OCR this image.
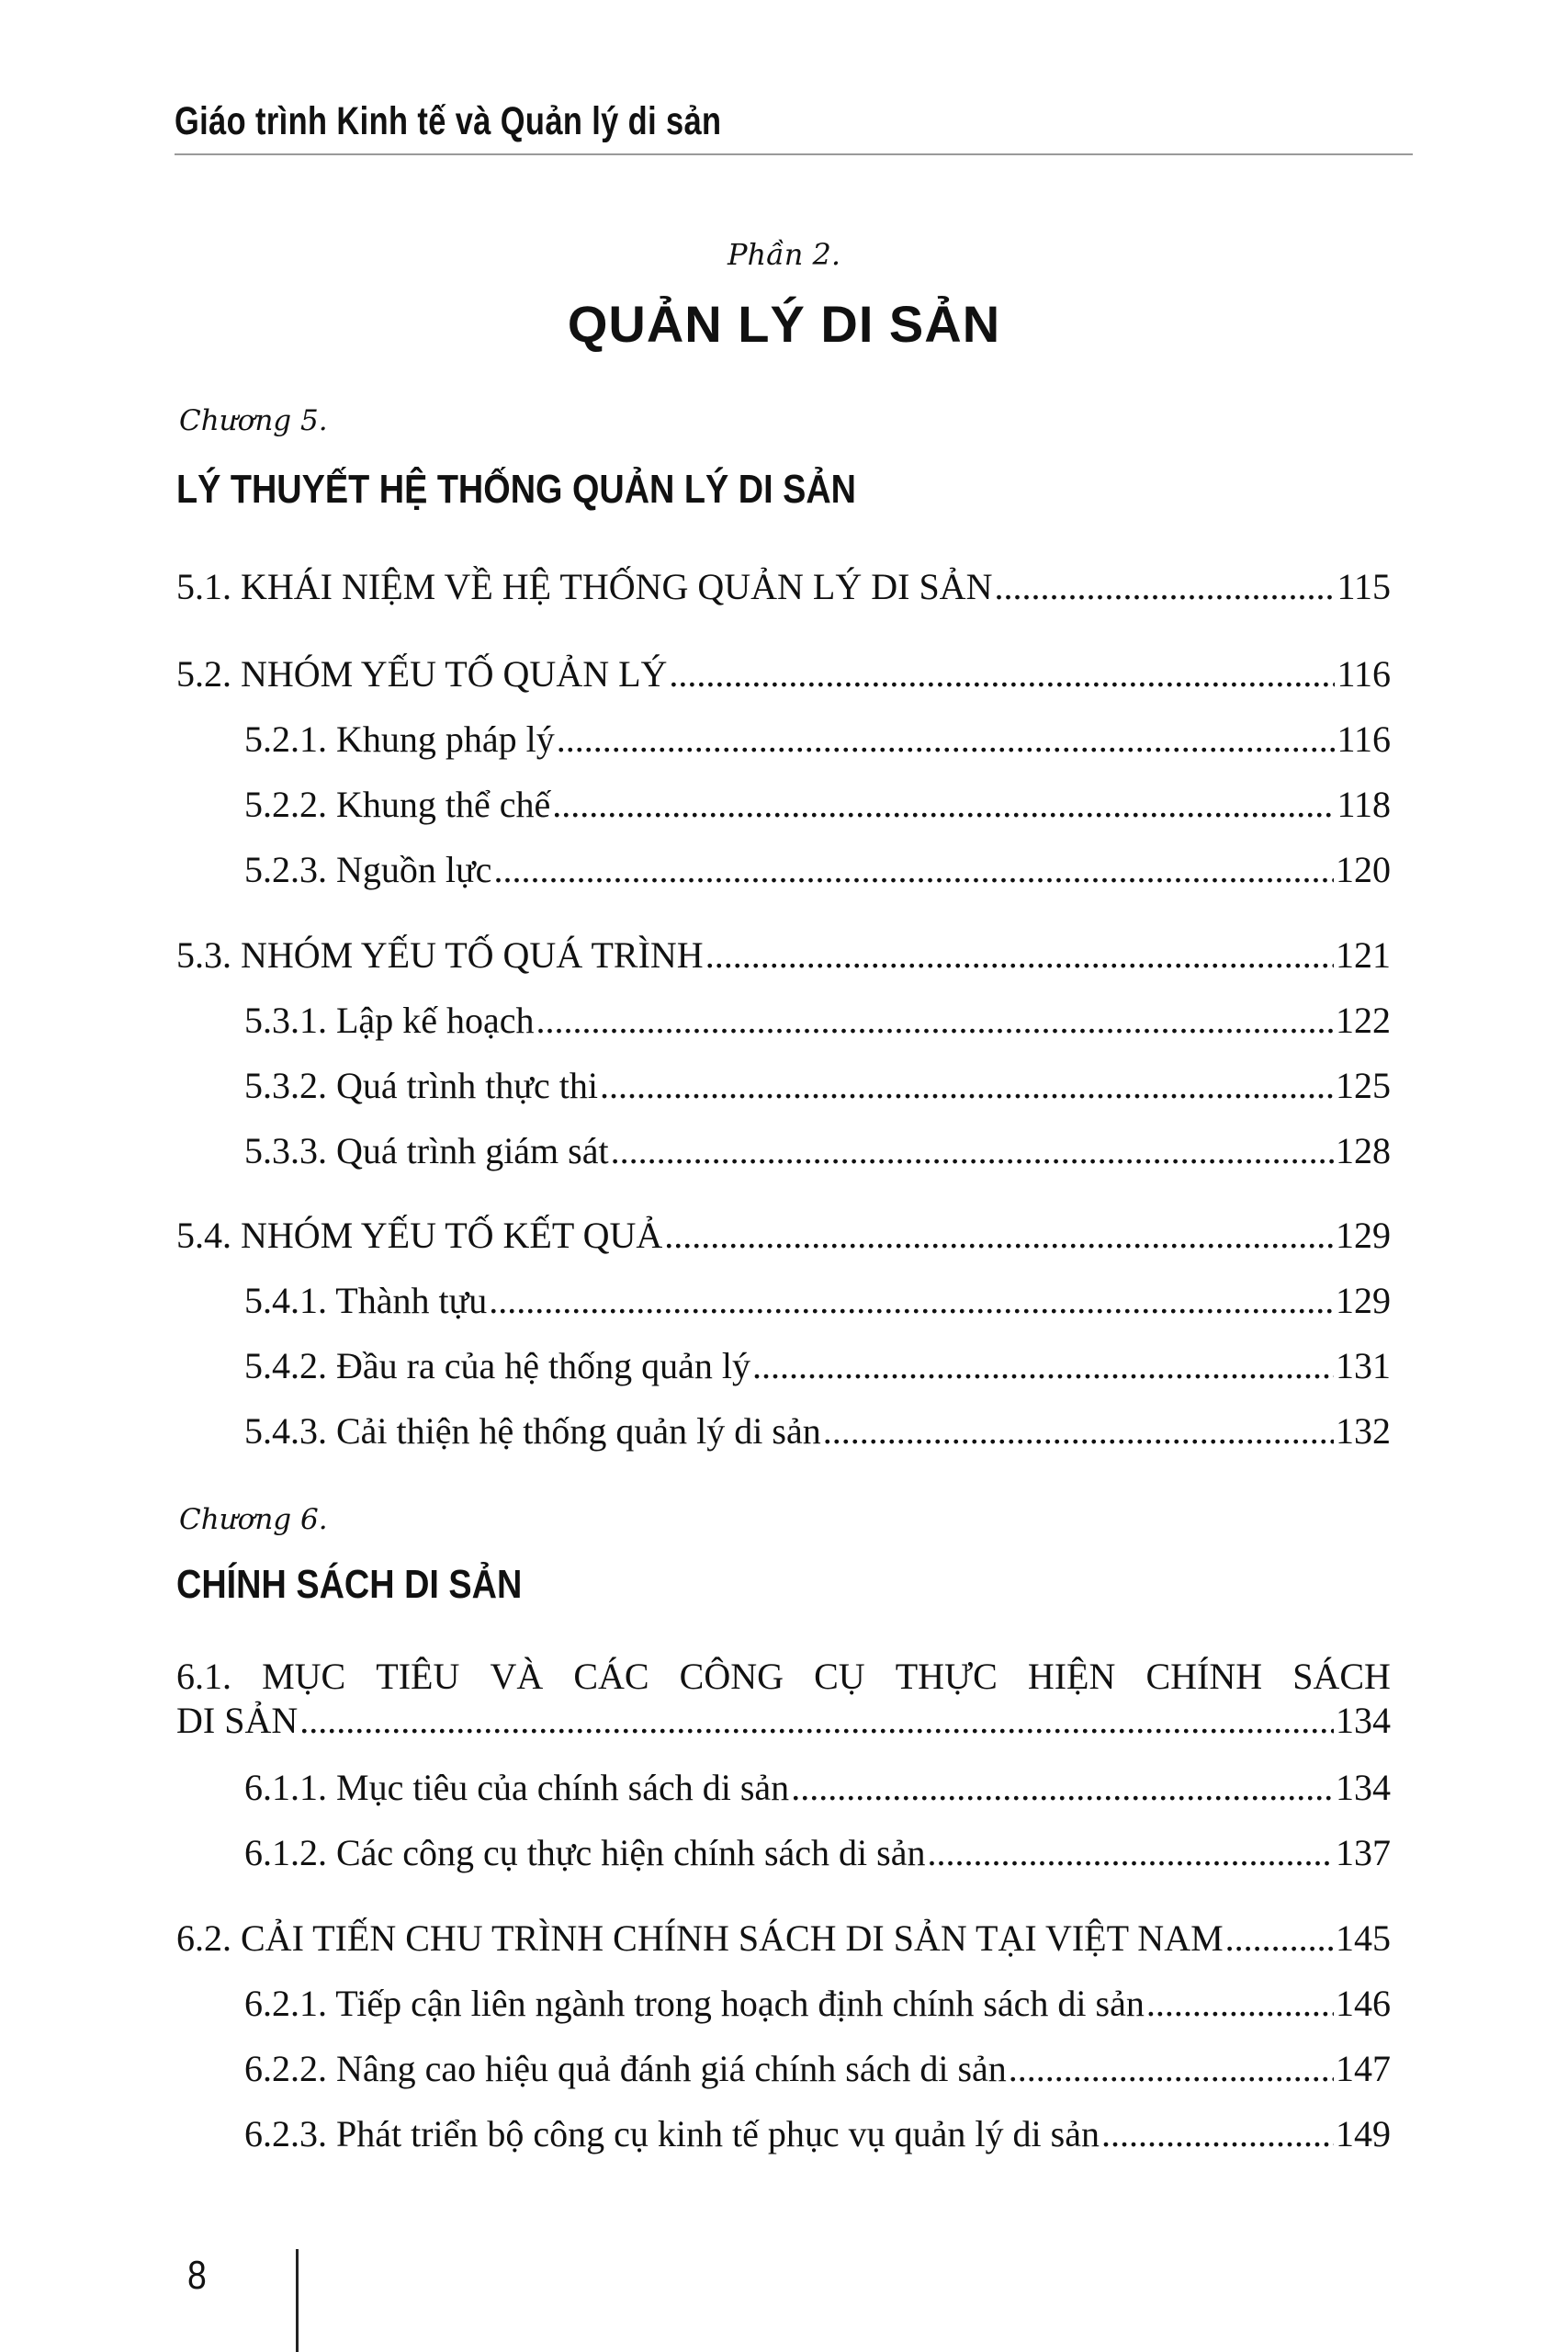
Giáo trình Kinh tế và Quản lý di sản
Phần 2.
QUẢN LÝ DI SẢN
Chương 5.
LÝ THUYẾT HỆ THỐNG QUẢN LÝ DI SẢN
5.1. KHÁI NIỆM VỀ HỆ THỐNG QUẢN LÝ DI SẢN .....	115
5.2. NHÓM YẾU TỐ QUẢN LÝ .....	116
5.2.1. Khung pháp lý .....	116
5.2.2. Khung thể chế .....	118
5.2.3. Nguồn lực .....	120
5.3. NHÓM YẾU TỐ QUÁ TRÌNH .....	121
5.3.1. Lập kế hoạch .....	122
5.3.2. Quá trình thực thi .....	125
5.3.3. Quá trình giám sát .....	128
5.4. NHÓM YẾU TỐ KẾT QUẢ .....	129
5.4.1. Thành tựu .....	129
5.4.2. Đầu ra của hệ thống quản lý .....	131
5.4.3. Cải thiện hệ thống quản lý di sản .....	132
Chương 6.
CHÍNH SÁCH DI SẢN
6.1. MỤC TIÊU VÀ CÁC CÔNG CỤ THỰC HIỆN CHÍNH SÁCH
DI SẢN .....	134
6.1.1. Mục tiêu của chính sách di sản .....	134
6.1.2. Các công cụ thực hiện chính sách di sản .....	137
6.2. CẢI TIẾN CHU TRÌNH CHÍNH SÁCH DI SẢN TẠI VIỆT NAM .....	145
6.2.1. Tiếp cận liên ngành trong hoạch định chính sách di sản .....	146
6.2.2. Nâng cao hiệu quả đánh giá chính sách di sản .....	147
6.2.3. Phát triển bộ công cụ kinh tế phục vụ quản lý di sản .....	149
8
